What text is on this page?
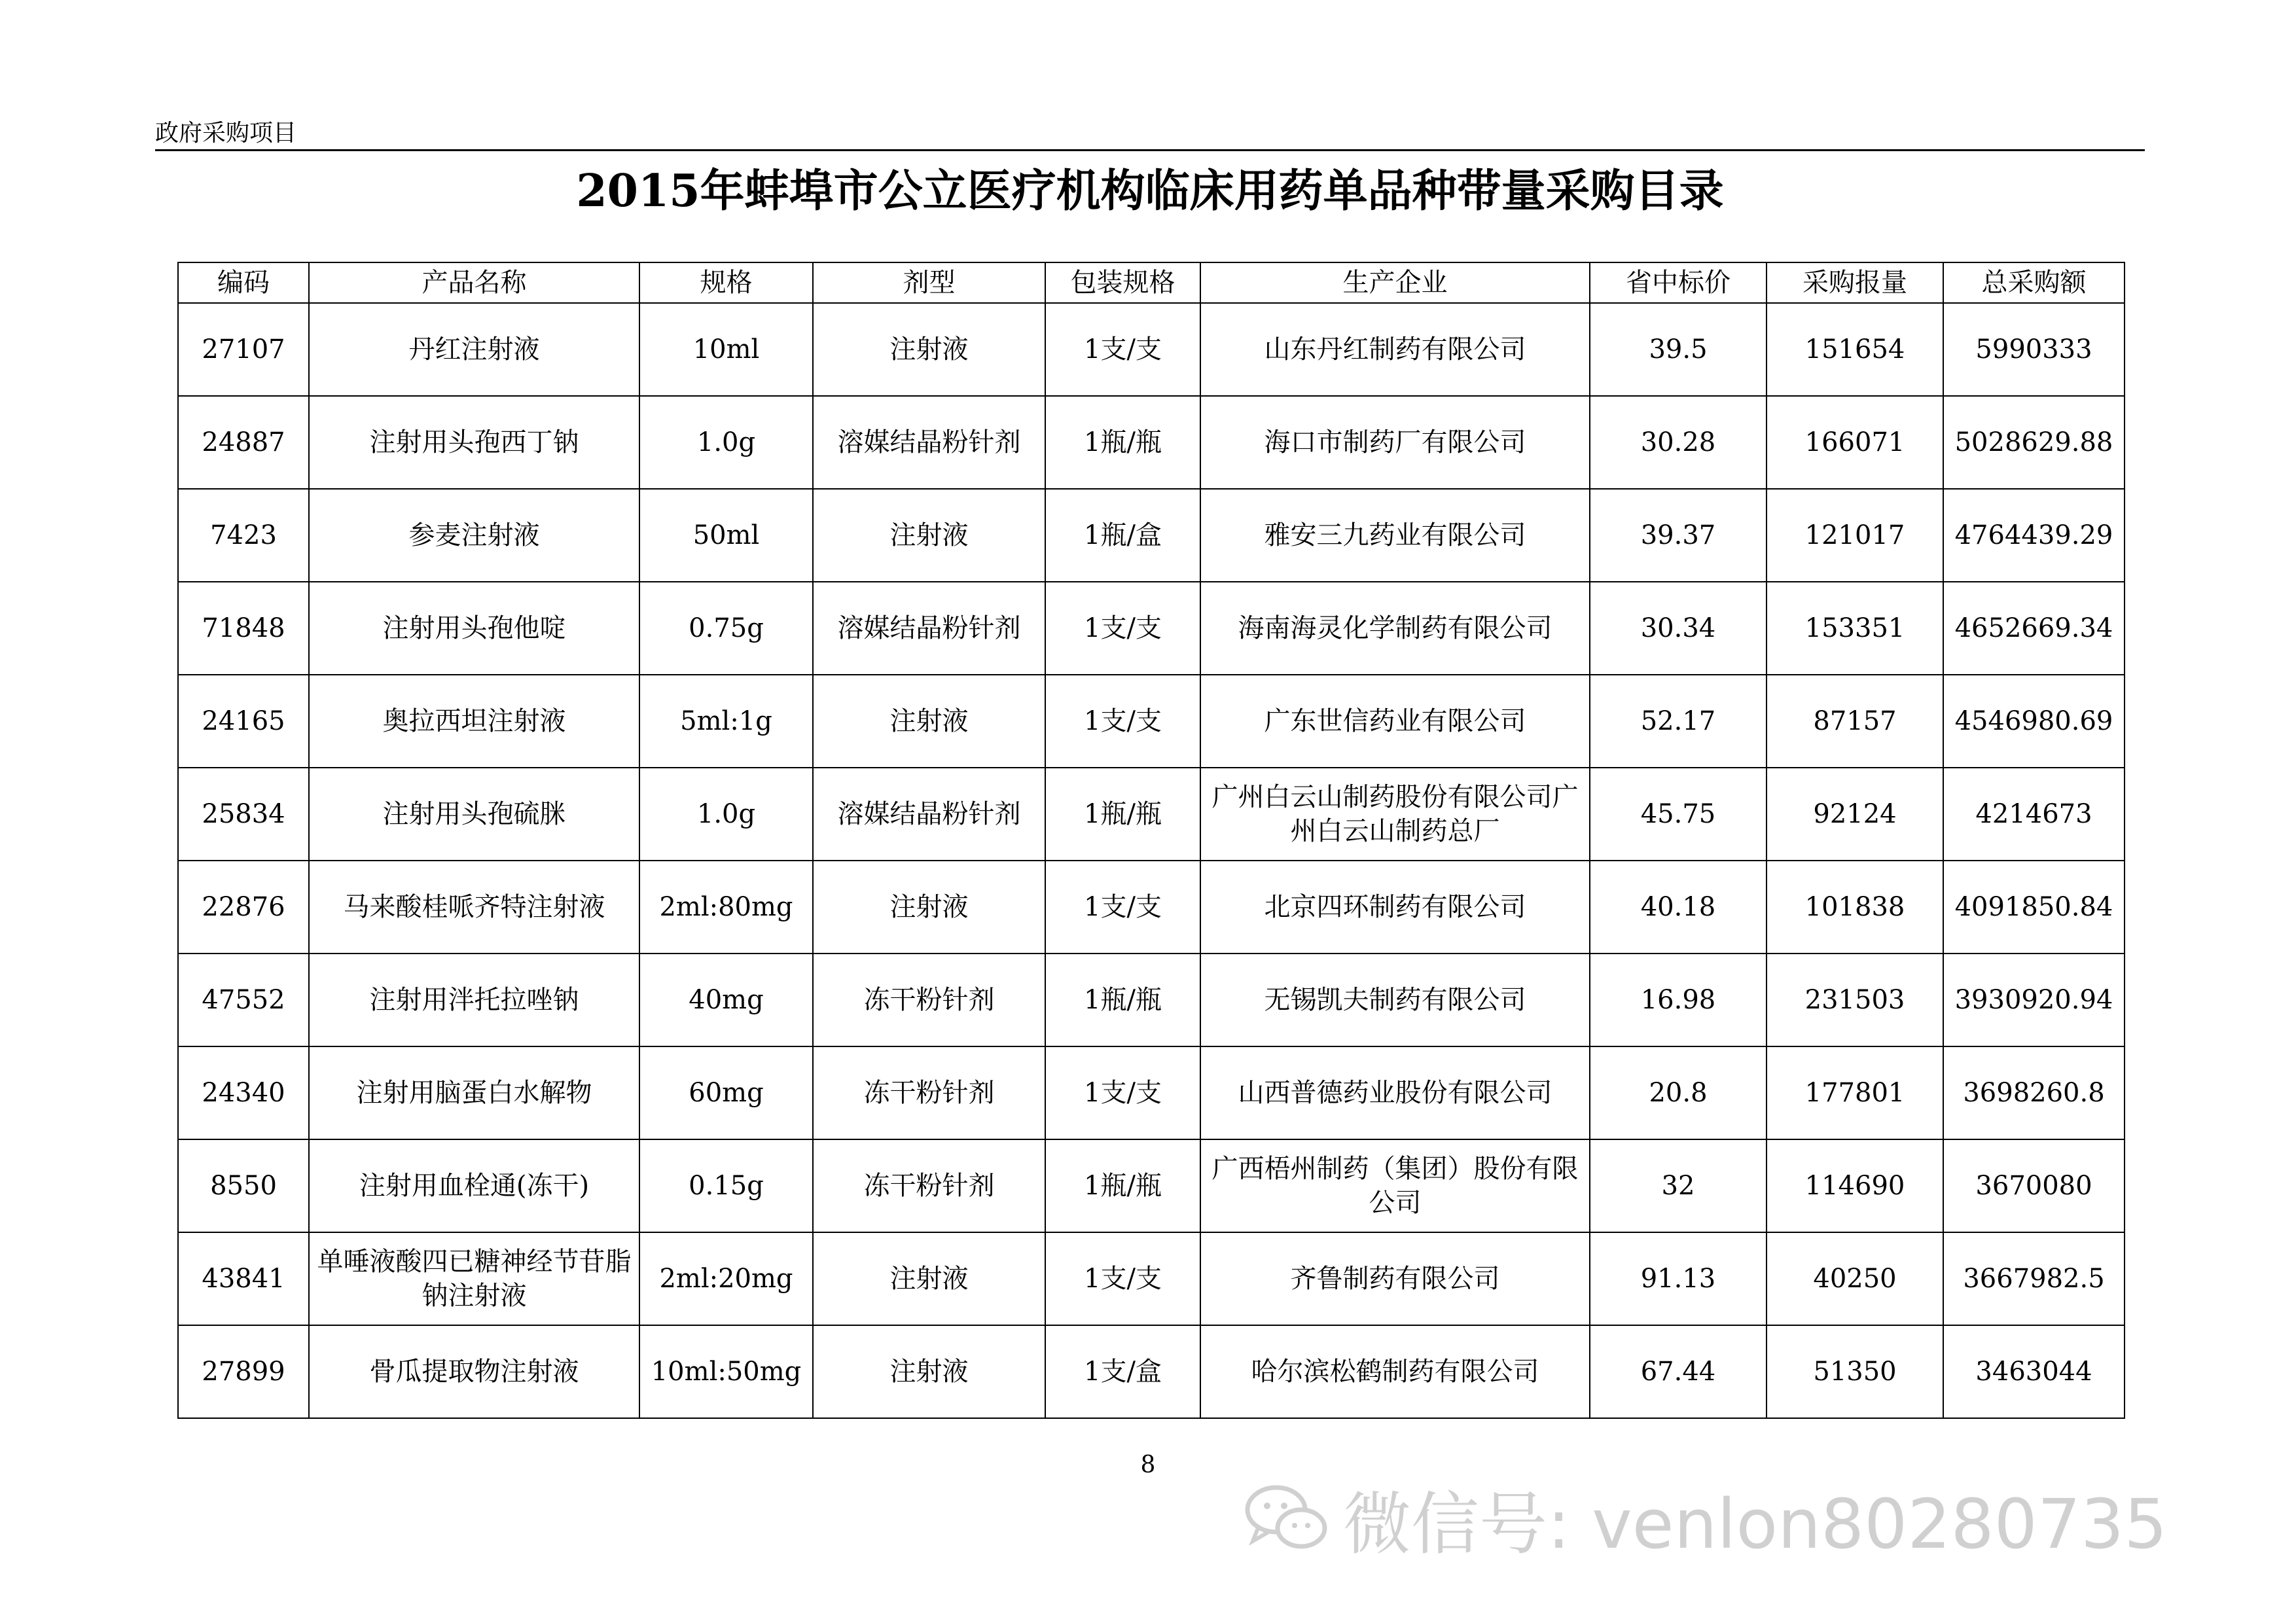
政府采购项目
2015年蚌埠市公立医疗机构临床用药单品种带量采购目录
编码	产品名称	规格	剂型	包装规格	生产企业	省中标价	采购报量	总采购额
27107	丹红注射液	10ml	注射液	1支/支	山东丹红制药有限公司	39.5	151654	5990333
24887	注射用头孢西丁钠	1.0g	溶媒结晶粉针剂	1瓶/瓶	海口市制药厂有限公司	30.28	166071	5028629.88
7423	参麦注射液	50ml	注射液	1瓶/盒	雅安三九药业有限公司	39.37	121017	4764439.29
71848	注射用头孢他啶	0.75g	溶媒结晶粉针剂	1支/支	海南海灵化学制药有限公司	30.34	153351	4652669.34
24165	奥拉西坦注射液	5ml:1g	注射液	1支/支	广东世信药业有限公司	52.17	87157	4546980.69
25834	注射用头孢硫脒	1.0g	溶媒结晶粉针剂	1瓶/瓶	广州白云山制药股份有限公司广州白云山制药总厂	45.75	92124	4214673
22876	马来酸桂哌齐特注射液	2ml:80mg	注射液	1支/支	北京四环制药有限公司	40.18	101838	4091850.84
47552	注射用泮托拉唑钠	40mg	冻干粉针剂	1瓶/瓶	无锡凯夫制药有限公司	16.98	231503	3930920.94
24340	注射用脑蛋白水解物	60mg	冻干粉针剂	1支/支	山西普德药业股份有限公司	20.8	177801	3698260.8
8550	注射用血栓通(冻干)	0.15g	冻干粉针剂	1瓶/瓶	广西梧州制药（集团）股份有限公司	32	114690	3670080
43841	单唾液酸四已糖神经节苷脂钠注射液	2ml:20mg	注射液	1支/支	齐鲁制药有限公司	91.13	40250	3667982.5
27899	骨瓜提取物注射液	10ml:50mg	注射液	1支/盒	哈尔滨松鹤制药有限公司	67.44	51350	3463044
8
微信号: venlon80280735
